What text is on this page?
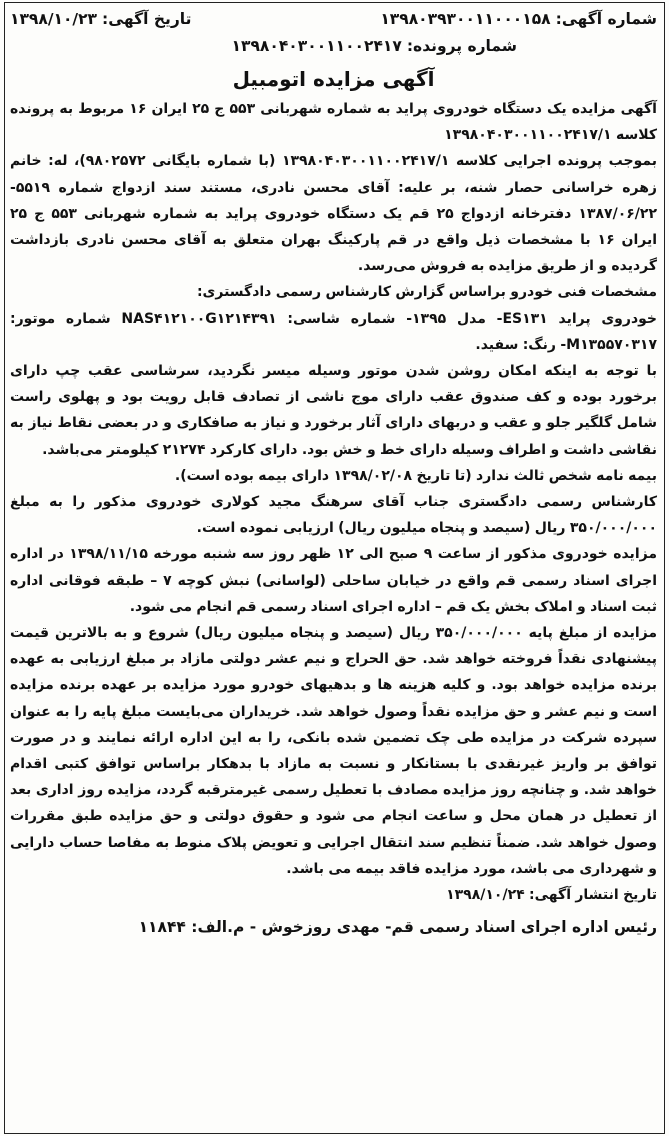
شماره آگهی:۱۳۹۸۰۳۹۳۰۰۱۱۰۰۰۱۵۸
تاریخ آگهی:۱۳۹۸/۱۰/۲۳
شماره پرونده:۱۳۹۸۰۴۰۳۰۰۱۱۰۰۲۴۱۷
آگهی مزایده اتومبیل

آگهی مزایده یک دستگاه خودروی پراید به شماره شهربانی ۵۵۳ ج ۲۵ ایران ۱۶ مربوط به پرونده کلاسه ۱۳۹۸۰۴۰۳۰۰۱۱۰۰۲۴۱۷/۱

بموجب پرونده اجرایی کلاسه ۱۳۹۸۰۴۰۳۰۰۱۱۰۰۲۴۱۷/۱ (با شماره بایگانی ۹۸۰۲۵۷۲)، له: خانم زهره خراسانی حصار شنه، بر علیه: آقای محسن نادری، مستند سند ازدواج شماره ۵۵۱۹- ۱۳۸۷/۰۶/۲۲ دفترخانه ازدواج ۲۵ قم یک دستگاه خودروی پراید به شماره شهربانی ۵۵۳ ج ۲۵ ایران ۱۶ با مشخصات ذیل واقع در قم پارکینگ بهران متعلق به آقای محسن نادری بازداشت گردیده و از طریق مزایده به فروش می‌رسد.

مشخصات فنی خودرو براساس گزارش کارشناس رسمی دادگستری:

خودروی پراید ES۱۳۱- مدل ۱۳۹۵- شماره شاسی: NAS۴۱۲۱۰۰G۱۲۱۴۳۹۱ شماره موتور: M۱۳۵۵۷۰۳۱۷- رنگ: سفید.

با توجه به اینکه امکان روشن شدن موتور وسیله میسر نگردید، سرشاسی عقب چپ دارای برخورد بوده و کف صندوق عقب دارای موج ناشی از تصادف قابل رویت بود و پهلوی راست شامل گلگیر جلو و عقب و دربهای دارای آثار برخورد و نیاز به صافکاری و در بعضی نقاط نیاز به نقاشی داشت و اطراف وسیله دارای خط و خش بود. دارای کارکرد ۲۱۲۷۴ کیلومتر می‌باشد.

بیمه نامه شخص ثالث ندارد (تا تاریخ ۱۳۹۸/۰۲/۰۸ دارای بیمه بوده است).

کارشناس رسمی دادگستری جناب آقای سرهنگ مجید کولاری خودروی مذکور را به مبلغ ۳۵۰/۰۰۰/۰۰۰ ریال (سیصد و پنجاه میلیون ریال) ارزیابی نموده است.

مزایده خودروی مذکور از ساعت ۹ صبح الی ۱۲ ظهر روز سه شنبه مورخه ۱۳۹۸/۱۱/۱۵ در اداره اجرای اسناد رسمی قم واقع در خیابان ساحلی (لواسانی) نبش کوچه ۷ – طبقه فوقانی اداره ثبت اسناد و املاک بخش یک قم – اداره اجرای اسناد رسمی قم انجام می شود.

مزایده از مبلغ پایه ۳۵۰/۰۰۰/۰۰۰ ریال (سیصد و پنجاه میلیون ریال) شروع و به بالاترین قیمت پیشنهادی نقداً فروخته خواهد شد. حق الحراج و نیم عشر دولتی مازاد بر مبلغ ارزیابی به عهده برنده مزایده خواهد بود. و کلیه هزینه ها و بدهیهای خودرو مورد مزایده بر عهده برنده مزایده است و نیم عشر و حق مزایده نقداً وصول خواهد شد. خریداران می‌بایست مبلغ پایه را به عنوان سپرده شرکت در مزایده طی چک تضمین شده بانکی، را به این اداره ارائه نمایند و در صورت توافق بر واریز غیرنقدی با بستانکار و نسبت به مازاد با بدهکار براساس توافق کتبی اقدام خواهد شد. و چنانچه روز مزایده مصادف با تعطیل رسمی غیرمترقبه گردد، مزایده روز اداری بعد از تعطیل در همان محل و ساعت انجام می شود و حقوق دولتی و حق مزایده طبق مقررات وصول خواهد شد. ضمناً تنظیم سند انتقال اجرایی و تعویض پلاک منوط به مفاصا حساب دارایی و شهرداری می باشد، مورد مزایده فاقد بیمه می باشد.

تاریخ انتشار آگهی: ۱۳۹۸/۱۰/۲۴

رئیس اداره اجرای اسناد رسمی قم- مهدی روزخوش - م.الف: ۱۱۸۴۴
